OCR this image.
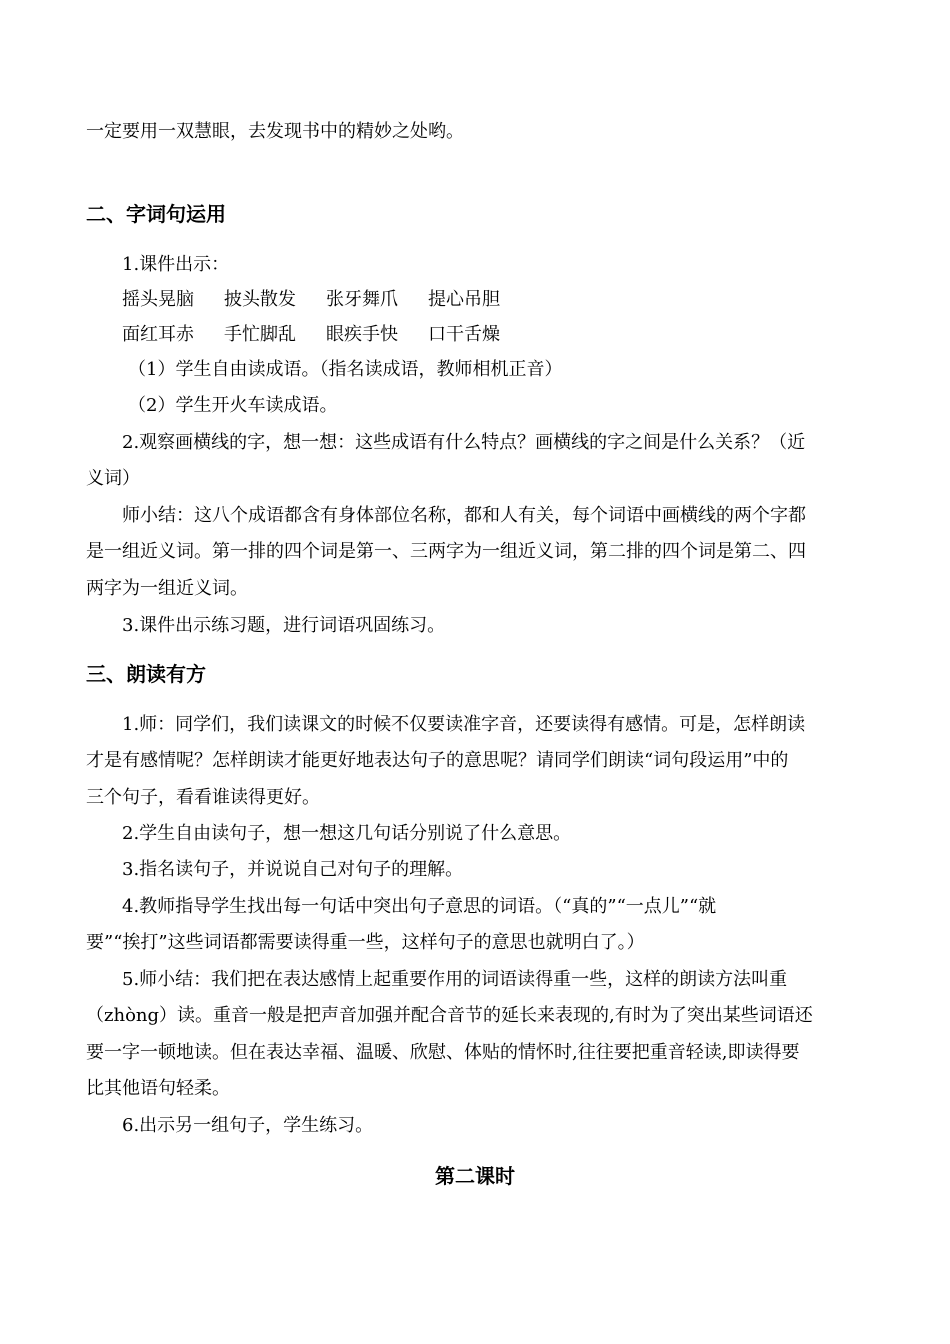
一定要用一双慧眼，去发现书中的精妙之处哟。
二、字词句运用
1.课件出示：
摇头晃脑 披头散发 张牙舞爪 提心吊胆
面红耳赤 手忙脚乱 眼疾手快 口干舌燥
（1）学生自由读成语。（指名读成语，教师相机正音）
（2）学生开火车读成语。
2.观察画横线的字，想一想：这些成语有什么特点？画横线的字之间是什么关系？（近
义词）
师小结：这八个成语都含有身体部位名称，都和人有关，每个词语中画横线的两个字都
是一组近义词。第一排的四个词是第一、三两字为一组近义词，第二排的四个词是第二、四
两字为一组近义词。
3.课件出示练习题，进行词语巩固练习。
三、朗读有方
1.师：同学们，我们读课文的时候不仅要读准字音，还要读得有感情。可是，怎样朗读
才是有感情呢？怎样朗读才能更好地表达句子的意思呢？请同学们朗读“词句段运用”中的
三个句子，看看谁读得更好。
2.学生自由读句子，想一想这几句话分别说了什么意思。
3.指名读句子，并说说自己对句子的理解。
4.教师指导学生找出每一句话中突出句子意思的词语。（“真的”“一点儿”“就
要”“挨打”这些词语都需要读得重一些，这样句子的意思也就明白了。）
5.师小结：我们把在表达感情上起重要作用的词语读得重一些，这样的朗读方法叫重
（zhòng）读。重音一般是把声音加强并配合音节的延长来表现的,有时为了突出某些词语还
要一字一顿地读。但在表达幸福、温暖、欣慰、体贴的情怀时,往往要把重音轻读,即读得要
比其他语句轻柔。
6.出示另一组句子，学生练习。
第二课时
